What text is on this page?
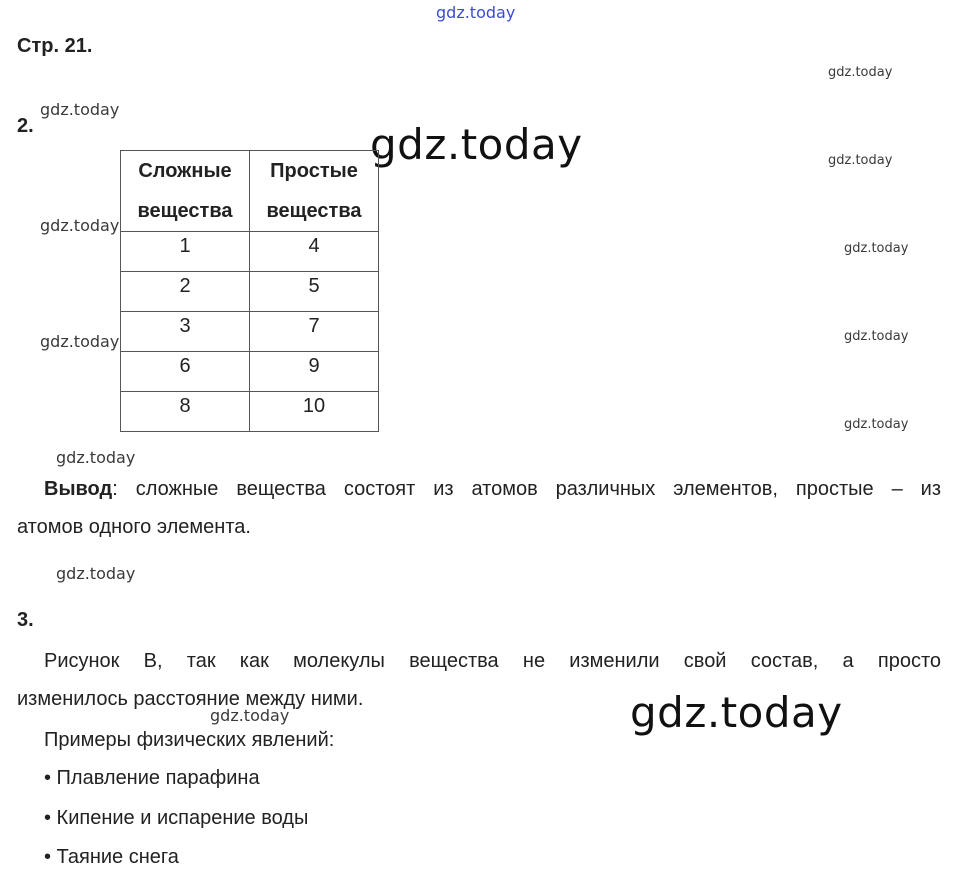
gdz.today
gdz.today
gdz.today
gdz.today	gdz.today
gdz.today
gdz.today
gdz.today
gdz.today
gdz.today
gdz.today
gdz.today
gdz.today	gdz.today
Стр. 21.
2.
Сложные вещества	Простые вещества
1	4
2	5
3	7
6	9
8	10
Вывод: сложные вещества состоят из атомов различных элементов, простые – из
атомов одного элемента.
3.
Рисунок В, так как молекулы вещества не изменили свой состав, а просто
изменилось расстояние между ними.
Примеры физических явлений:
• Плавление парафина
• Кипение и испарение воды
• Таяние снега
